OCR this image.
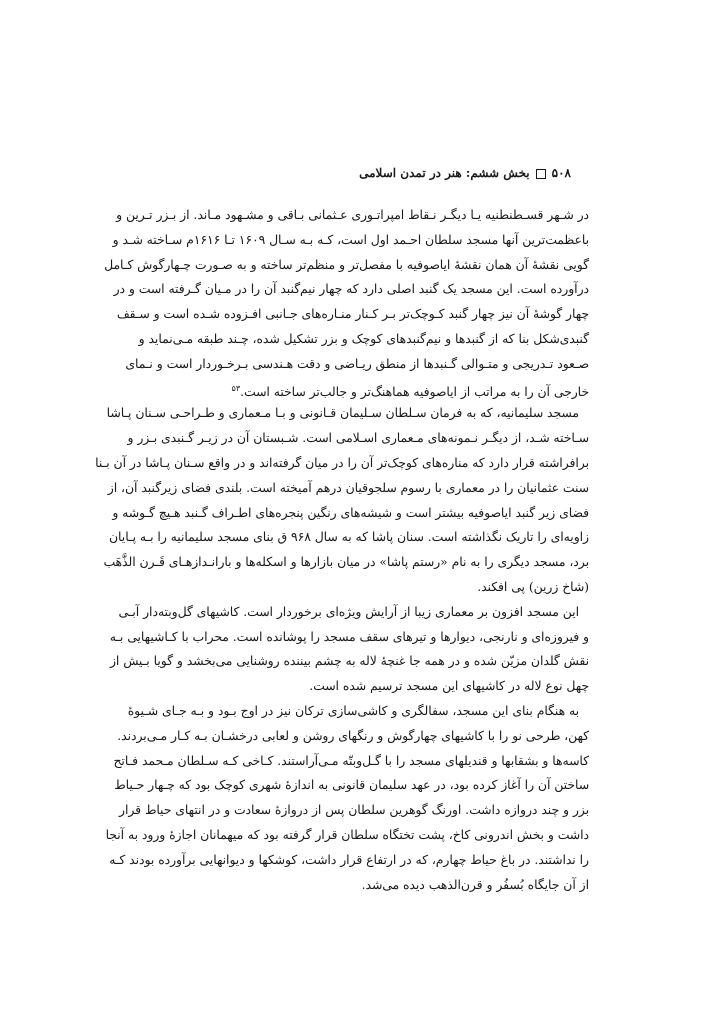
۵۰۸بخش ششم: هنر در تمدن اسلامی
در شـهر قسـطنطنیه یـا دیگـر نـقاط امپراتـوری عـثمانی بـاقی و مشـهود مـاند. از بـزر تـرین و
باعظمت‌ترین آنها مسجد سلطان احـمد اول است، کـه بـه سـال ۱۶۰۹ تـا ۱۶۱۶م سـاخته شـد و
گویی نقشهٔ آن همان نقشهٔ ایاصوفیه با مفصل‌تر و منظم‌تر ساخته و به صـورت چـهارگوش کـامل
درآورده است. این مسجد یک گنبد اصلی دارد که چهار نیم‌گنبد آن را در مـیان گـرفته است و در
چهار گوشهٔ آن نیز چهار گنبد کـوچک‌تر بـر کـنار منـاره‌های جـانبی افـزوده شـده است و سـقف
گنبدی‌شکل بنا که از گنبدها و نیم‌گنبدهای کوچک و بزر تشکیل شده، چـند طبقه مـی‌نماید و
صـعود تـدریجی و متـوالی گـنبدها از منطق ریـاضی و دقت هـندسی بـرخـوردار است و نـمای
خارجی آن را به مراتب از ایاصوفیه هماهنگ‌تر و جالب‌تر ساخته است.$^{۵۳}$
مسجد سلیمانیه، که به فرمان سـلطان سـلیمان قـانونی و بـا مـعماری و طـراحـی سـنان پـاشا
سـاخته شـد، از دیگـر نـمونه‌های مـعماری اسـلامی است. شـبستان آن در زیـر گـنبدی بـزر و
برافراشته قرار دارد که مناره‌های کوچک‌تر آن را در میان گرفته‌اند و در واقع سـنان پـاشا در آن بـنا
سنت عثمانیان را در معماری با رسوم سلجوقیان درهم آمیخته است. بلندی فضای زیرگنبد آن، از
فضای زیر گنبد ایاصوفیه بیشتر است و شیشه‌های رنگین پنجره‌های اطـراف گـنبد هـیچ گـوشه و
زاویه‌ای را تاریک نگذاشته است. سنان پاشا که به سال ۹۶۸ ق بنای مسجد سلیمانیه را بـه پـایان
برد، مسجد دیگری را به نام «رستم پاشا» در میان بازارها و اسکله‌ها و بارانـدازهـای قَـرن الذَّهَب
(شاخ زرین) پی افکند.
این مسجد افزون بر معماری زیبا از آرایش ویژه‌ای برخوردار است. کاشیهای گل‌وبته‌دار آبـی
و فیروزه‌ای و نارنجی، دیوارها و تیرهای سقف مسجد را پوشانده است. محراب با کـاشیهایی بـه
نقش گلدان مزیّن شده و در همه جا غنچهٔ لاله به چشم بیننده روشنایی می‌بخشد و گویا بـیش از
چهل نوع لاله در کاشیهای این مسجد ترسیم شده است.
به هنگام بنای این مسجد، سفالگری و کاشی‌سازی ترکان نیز در اوج بـود و بـه جـای شـیوهٔ
کهن، طرحی نو را با کاشیهای چهارگوش و رنگهای روشن و لعابی درخشـان بـه کـار مـی‌بردند.
کاسه‌ها و بشقابها و قندیلهای مسجد را با گـل‌وبتّه مـی‌آراستند. کـاخی کـه سـلطان مـحمد فـاتح
ساختن آن را آغاز کرده بود، در عهد سلیمان قانونی به اندازهٔ شهری کوچک بود که چـهار حـیاط
بزر و چند دروازه داشت. اورنگ گوهرین سلطان پس از دروازهٔ سعادت و در انتهای حیاط قرار
داشت و بخش اندرونی کاخ، پشت تختگاه سلطان قرار گرفته بود که میهمانان اجازهٔ ورود به آنجا
را نداشتند. در باغ حیاط چهارم، که در ارتفاع قرار داشت، کوشکها و دیوانهایی برآورده بودند کـه
از آن جایگاه بُسفُر و قرن‌الذهب دیده می‌شد.
